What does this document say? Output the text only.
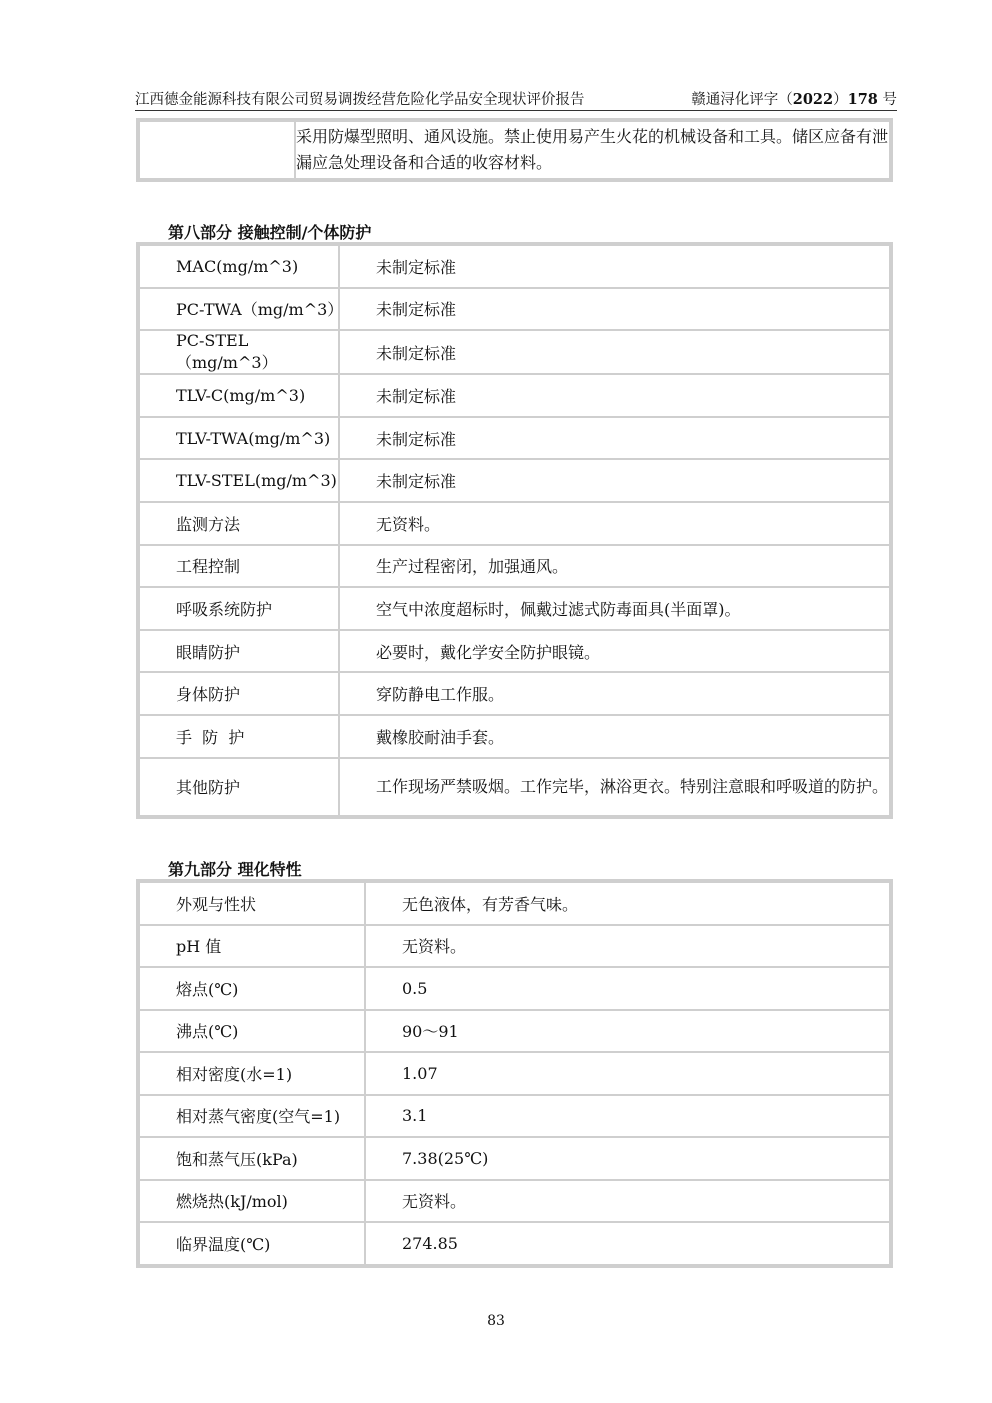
江西德金能源科技有限公司贸易调拨经营危险化学品安全现状评价报告	赣通浔化评字（2022）178 号
	采用防爆型照明、通风设施。禁止使用易产生火花的机械设备和工具。储区应备有泄漏应急处理设备和合适的收容材料。
第八部分 接触控制/个体防护
MAC(mg/m^3)	未制定标准
PC-TWA（mg/m^3）	未制定标准
PC-STEL（mg/m^3）	未制定标准
TLV-C(mg/m^3)	未制定标准
TLV-TWA(mg/m^3)	未制定标准
TLV-STEL(mg/m^3)	未制定标准
监测方法	无资料。
工程控制	生产过程密闭，加强通风。
呼吸系统防护	空气中浓度超标时，佩戴过滤式防毒面具(半面罩)。
眼睛防护	必要时，戴化学安全防护眼镜。
身体防护	穿防静电工作服。
手  防  护	戴橡胶耐油手套。
其他防护	工作现场严禁吸烟。工作完毕，淋浴更衣。特别注意眼和呼吸道的防护。
第九部分 理化特性
外观与性状	无色液体，有芳香气味。
pH 值	无资料。
熔点(℃)	0.5
沸点(℃)	90～91
相对密度(水=1)	1.07
相对蒸气密度(空气=1)	3.1
饱和蒸气压(kPa)	7.38(25℃)
燃烧热(kJ/mol)	无资料。
临界温度(℃)	274.85
83
